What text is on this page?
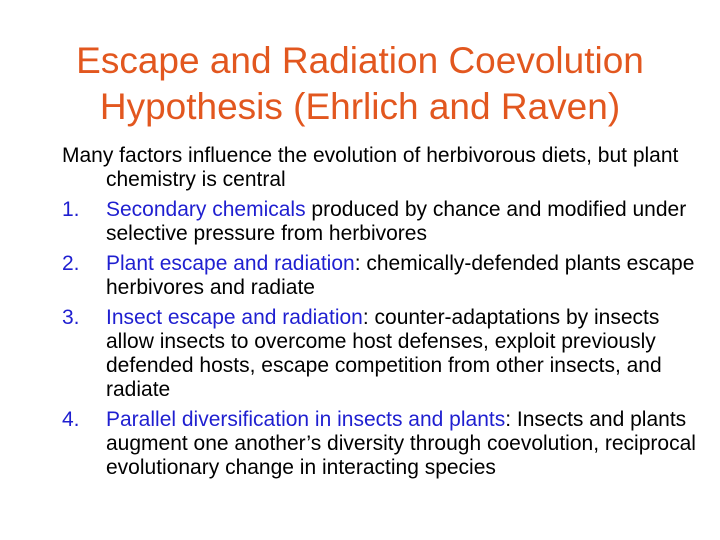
Escape and Radiation Coevolution
Hypothesis (Ehrlich and Raven)

Many factors influence the evolution of herbivorous diets, but plant chemistry is central

1. Secondary chemicals produced by chance and modified under selective pressure from herbivores
2. Plant escape and radiation: chemically-defended plants escape herbivores and radiate
3. Insect escape and radiation: counter-adaptations by insects allow insects to overcome host defenses, exploit previously defended hosts, escape competition from other insects, and radiate
4. Parallel diversification in insects and plants: Insects and plants augment one another’s diversity through coevolution, reciprocal evolutionary change in interacting species
